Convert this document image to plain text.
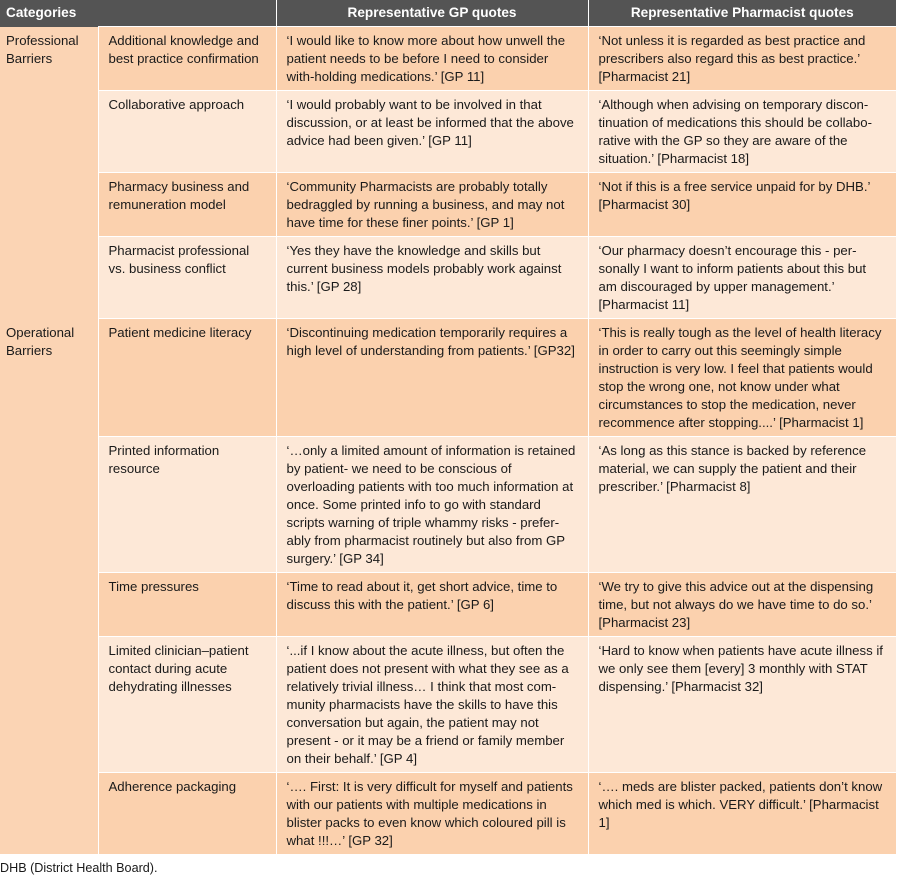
Categories		Representative GP quotes	Representative Pharmacist quotes
Professional Barriers	Additional knowledge and best practice confirmation	‘I would like to know more about how unwell the patient needs to be before I need to consider with-holding medications.’ [GP 11]	‘Not unless it is regarded as best practice and prescribers also regard this as best practice.’ [Pharmacist 21]
	Collaborative approach	‘I would probably want to be involved in that discussion, or at least be informed that the above advice had been given.’ [GP 11]	‘Although when advising on temporary discon-tinuation of medications this should be collabo-rative with the GP so they are aware of the situation.’ [Pharmacist 18]
	Pharmacy business and remuneration model	‘Community Pharmacists are probably totally bedraggled by running a business, and may not have time for these finer points.’ [GP 1]	‘Not if this is a free service unpaid for by DHB.’ [Pharmacist 30]
	Pharmacist professional vs. business conflict	‘Yes they have the knowledge and skills but current business models probably work against this.’ [GP 28]	‘Our pharmacy doesn’t encourage this - per-sonally I want to inform patients about this but am discouraged by upper management.’ [Pharmacist 11]
Operational Barriers	Patient medicine literacy	‘Discontinuing medication temporarily requires a high level of understanding from patients.’ [GP32]	‘This is really tough as the level of health literacy in order to carry out this seemingly simple instruction is very low. I feel that patients would stop the wrong one, not know under what circumstances to stop the medication, never recommence after stopping....’ [Pharmacist 1]
	Printed information resource	‘…only a limited amount of information is retained by patient- we need to be conscious of overloading patients with too much information at once. Some printed info to go with standard scripts warning of triple whammy risks - prefer-ably from pharmacist routinely but also from GP surgery.’ [GP 34]	‘As long as this stance is backed by reference material, we can supply the patient and their prescriber.’ [Pharmacist 8]
	Time pressures	‘Time to read about it, get short advice, time to discuss this with the patient.’ [GP 6]	‘We try to give this advice out at the dispensing time, but not always do we have time to do so.’ [Pharmacist 23]
	Limited clinician–patient contact during acute dehydrating illnesses	‘...if I know about the acute illness, but often the patient does not present with what they see as a relatively trivial illness… I think that most com-munity pharmacists have the skills to have this conversation but again, the patient may not present - or it may be a friend or family member on their behalf.’ [GP 4]	‘Hard to know when patients have acute illness if we only see them [every] 3 monthly with STAT dispensing.’ [Pharmacist 32]
	Adherence packaging	‘…. First: It is very difficult for myself and patients with our patients with multiple medications in blister packs to even know which coloured pill is what !!!…’ [GP 32]	‘…. meds are blister packed, patients don’t know which med is which. VERY difficult.’ [Pharmacist 1]

DHB (District Health Board).
